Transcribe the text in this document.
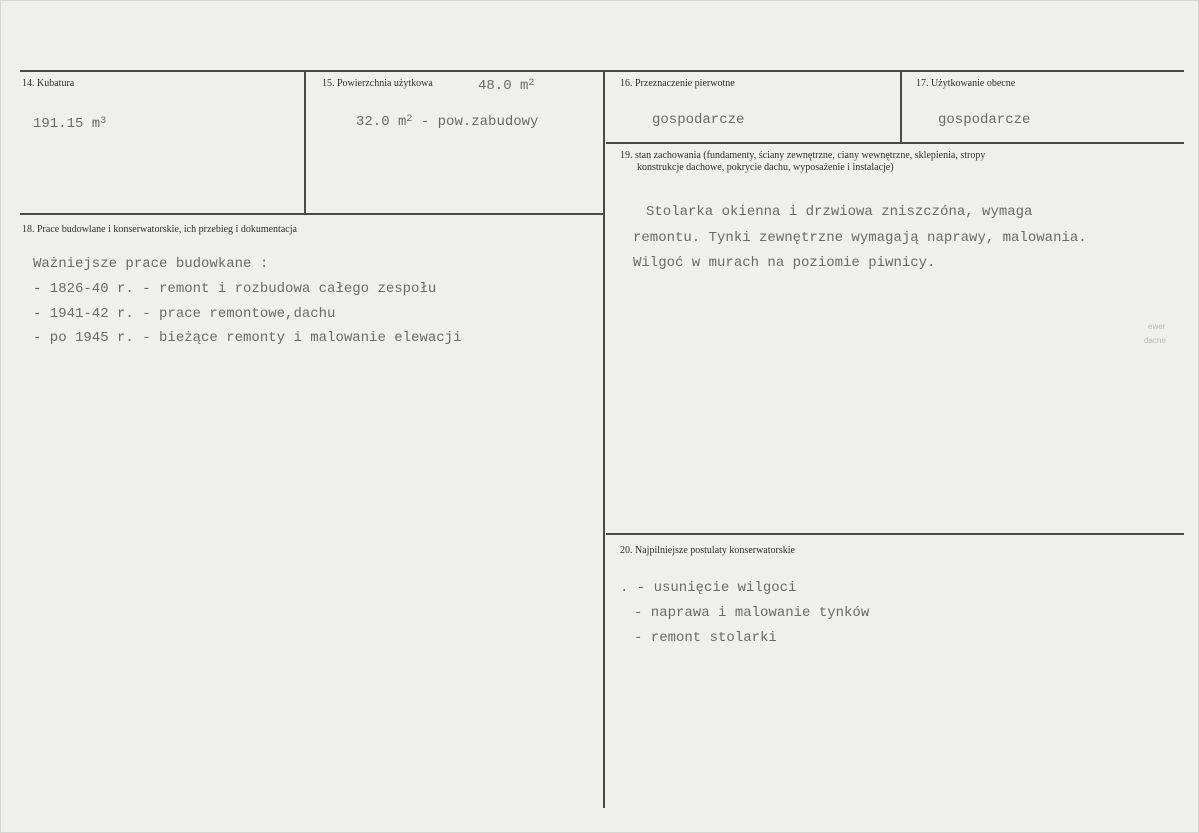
14. Kubatura
191.15 $m^3$
15. Powierzchnia użytkowa	48.0 $m^2$
32.0 $m^2$ - pow.zabudowy
16. Przeznaczenie pierwotne
gospodarcze
17. Użytkowanie obecne
gospodarcze
18. Prace budowlane i konserwatorskie, ich przebieg i dokumentacja
Ważniejsze prace budowkane :
- 1826-40 r. - remont i rozbudowa całego zespołu
- 1941-42 r. - prace remontowe,dachu
- po 1945 r. - bieżące remonty i malowanie elewacji
19. stan zachowania (fundamenty, ściany zewnętrzne, ciany wewnętrzne, sklepienia, stropy
konstrukcje dachowe, pokrycie dachu, wyposażenie i instalacje)
Stolarka okienna i drzwiowa zniszczóna, wymaga
remontu. Tynki zewnętrzne wymagają naprawy, malowania.
Wilgoć w murach na poziomie piwnicy.
ewer
dacne
20. Najpilniejsze postulaty konserwatorskie
. - usunięcie wilgoci
- naprawa i malowanie tynków
- remont stolarki
